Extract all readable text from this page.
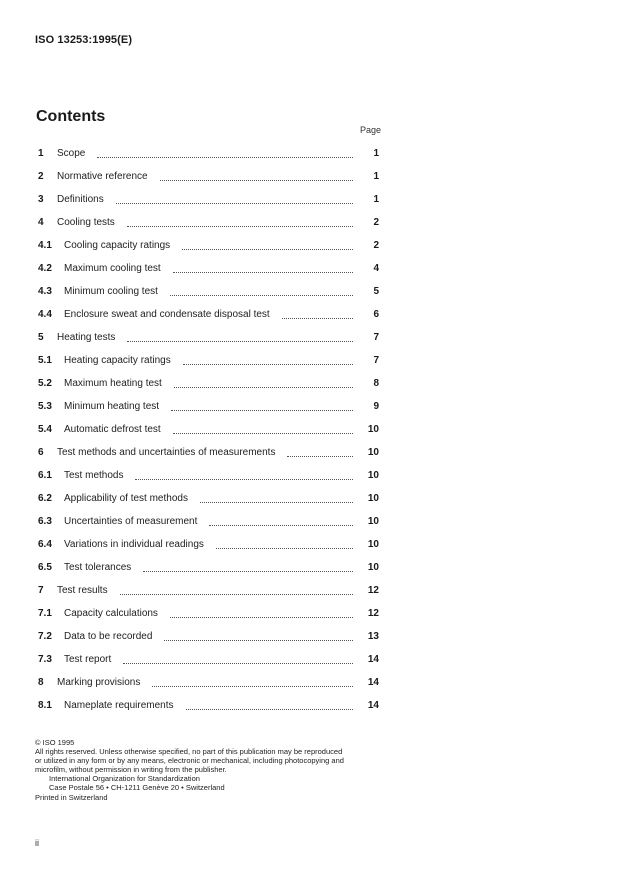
ISO 13253:1995(E)
Contents
Page
1	Scope	1
2	Normative reference	1
3	Definitions	1
4	Cooling tests	2
4.1	Cooling capacity ratings	2
4.2	Maximum cooling test	4
4.3	Minimum cooling test	5
4.4	Enclosure sweat and condensate disposal test	6
5	Heating tests	7
5.1	Heating capacity ratings	7
5.2	Maximum heating test	8
5.3	Minimum heating test	9
5.4	Automatic defrost test	10
6	Test methods and uncertainties of measurements	10
6.1	Test methods	10
6.2	Applicability of test methods	10
6.3	Uncertainties of measurement	10
6.4	Variations in individual readings	10
6.5	Test tolerances	10
7	Test results	12
7.1	Capacity calculations	12
7.2	Data to be recorded	13
7.3	Test report	14
8	Marking provisions	14
8.1	Nameplate requirements	14
© ISO 1995
All rights reserved. Unless otherwise specified, no part of this publication may be reproduced
or utilized in any form or by any means, electronic or mechanical, including photocopying and
microfilm, without permission in writing from the publisher.
International Organization for Standardization
Case Postale 56 • CH-1211 Genève 20 • Switzerland
Printed in Switzerland
ii
